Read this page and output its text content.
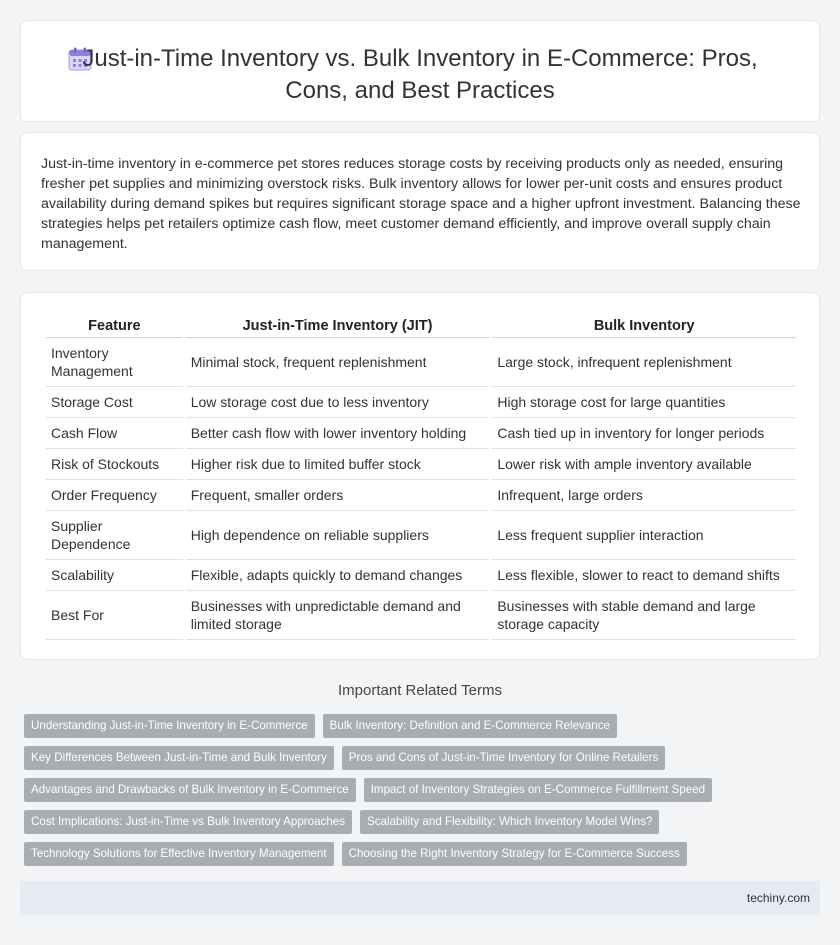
Just-in-Time Inventory vs. Bulk Inventory in E-Commerce: Pros,
Cons, and Best Practices

Just-in-time inventory in e-commerce pet stores reduces storage costs by receiving products only as needed, ensuring fresher pet supplies and minimizing overstock risks. Bulk inventory allows for lower per-unit costs and ensures product availability during demand spikes but requires significant storage space and a higher upfront investment. Balancing these strategies helps pet retailers optimize cash flow, meet customer demand efficiently, and improve overall supply chain management.

Feature	Just-in-Time Inventory (JIT)	Bulk Inventory
Inventory Management	Minimal stock, frequent replenishment	Large stock, infrequent replenishment
Storage Cost	Low storage cost due to less inventory	High storage cost for large quantities
Cash Flow	Better cash flow with lower inventory holding	Cash tied up in inventory for longer periods
Risk of Stockouts	Higher risk due to limited buffer stock	Lower risk with ample inventory available
Order Frequency	Frequent, smaller orders	Infrequent, large orders
Supplier Dependence	High dependence on reliable suppliers	Less frequent supplier interaction
Scalability	Flexible, adapts quickly to demand changes	Less flexible, slower to react to demand shifts
Best For	Businesses with unpredictable demand and limited storage	Businesses with stable demand and large storage capacity
Important Related Terms
Understanding Just-in-Time Inventory in E-Commerce	Bulk Inventory: Definition and E-Commerce Relevance
Key Differences Between Just-in-Time and Bulk Inventory	Pros and Cons of Just-in-Time Inventory for Online Retailers
Advantages and Drawbacks of Bulk Inventory in E-Commerce	Impact of Inventory Strategies on E-Commerce Fulfillment Speed
Cost Implications: Just-in-Time vs Bulk Inventory Approaches	Scalability and Flexibility: Which Inventory Model Wins?
Technology Solutions for Effective Inventory Management	Choosing the Right Inventory Strategy for E-Commerce Success
techiny.com
